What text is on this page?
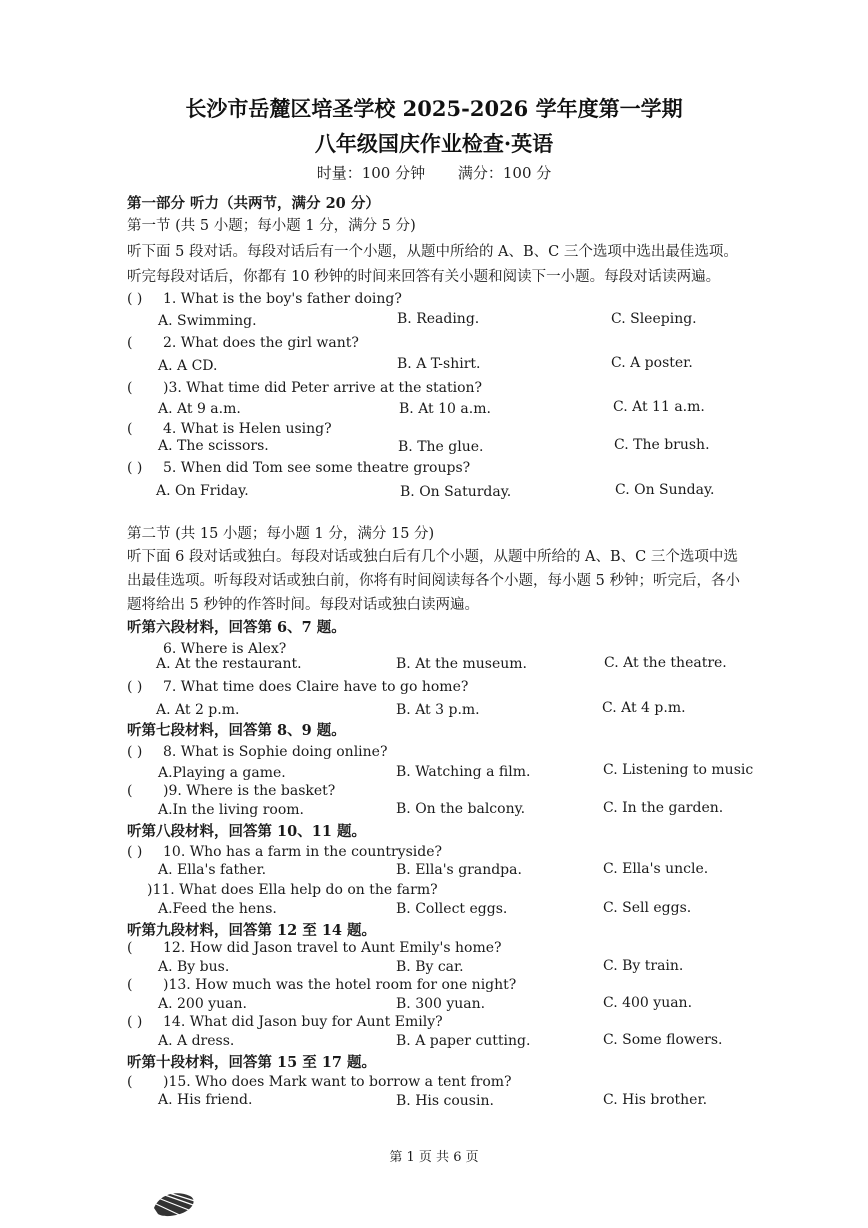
长沙市岳麓区培圣学校 2025-2026 学年度第一学期
八年级国庆作业检查·英语
时量：100 分钟 满分：100 分
第一部分 听力（共两节，满分 20 分）
第一节 (共 5 小题；每小题 1 分，满分 5 分)
听下面 5 段对话。每段对话后有一个小题，从题中所给的 A、B、C 三个选项中选出最佳选项。
听完每段对话后，你都有 10 秒钟的时间来回答有关小题和阅读下一小题。每段对话读两遍。
( ) 1. What is the boy's father doing?
A. Swimming.	B. Reading.	C. Sleeping.
( 2. What does the girl want?
A. A CD.	B. A T-shirt.	C. A poster.
( )3. What time did Peter arrive at the station?
A. At 9 a.m.	B. At 10 a.m.	C. At 11 a.m.
( 4. What is Helen using?
A. The scissors.	B. The glue.	C. The brush.
( ) 5. When did Tom see some theatre groups?
A. On Friday.	B. On Saturday.	C. On Sunday.
第二节 (共 15 小题；每小题 1 分，满分 15 分)
听下面 6 段对话或独白。每段对话或独白后有几个小题，从题中所给的 A、B、C 三个选项中选
出最佳选项。听每段对话或独白前，你将有时间阅读每各个小题，每小题 5 秒钟；听完后，各小
题将给出 5 秒钟的作答时间。每段对话或独白读两遍。
听第六段材料，回答第 6、7 题。
6. Where is Alex?
A. At the restaurant.	B. At the museum.	C. At the theatre.
( ) 7. What time does Claire have to go home?
A. At 2 p.m.	B. At 3 p.m.	C. At 4 p.m.
听第七段材料，回答第 8、9 题。
( ) 8. What is Sophie doing online?
A.Playing a game.	B. Watching a film.	C. Listening to music
( )9. Where is the basket?
A.In the living room.	B. On the balcony.	C. In the garden.
听第八段材料，回答第 10、11 题。
( ) 10. Who has a farm in the countryside?
A. Ella's father.	B. Ella's grandpa.	C. Ella's uncle.
)11. What does Ella help do on the farm?
A.Feed the hens.	B. Collect eggs.	C. Sell eggs.
听第九段材料，回答第 12 至 14 题。
( 12. How did Jason travel to Aunt Emily's home?
A. By bus.	B. By car.	C. By train.
( )13. How much was the hotel room for one night?
A. 200 yuan.	B. 300 yuan.	C. 400 yuan.
( ) 14. What did Jason buy for Aunt Emily?
A. A dress.	B. A paper cutting.	C. Some flowers.
听第十段材料，回答第 15 至 17 题。
( )15. Who does Mark want to borrow a tent from?
A. His friend.	B. His cousin.	C. His brother.
第 1 页 共 6 页
